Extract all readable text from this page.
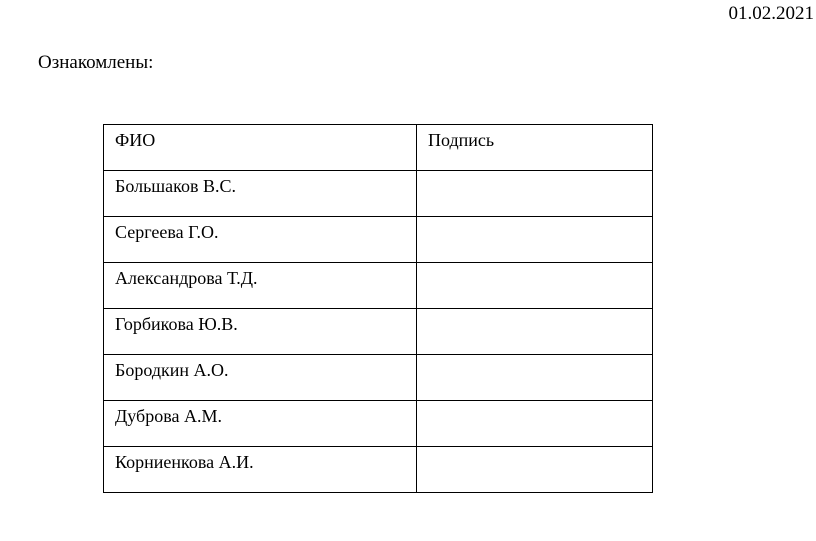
01.02.2021
Ознакомлены:
ФИО	Подпись

Большаков В.С.	

Сергеева Г.О.	

Александрова Т.Д.	

Горбикова Ю.В.	

Бородкин А.О.	

Дуброва А.М.	

Корниенкова А.И.	
